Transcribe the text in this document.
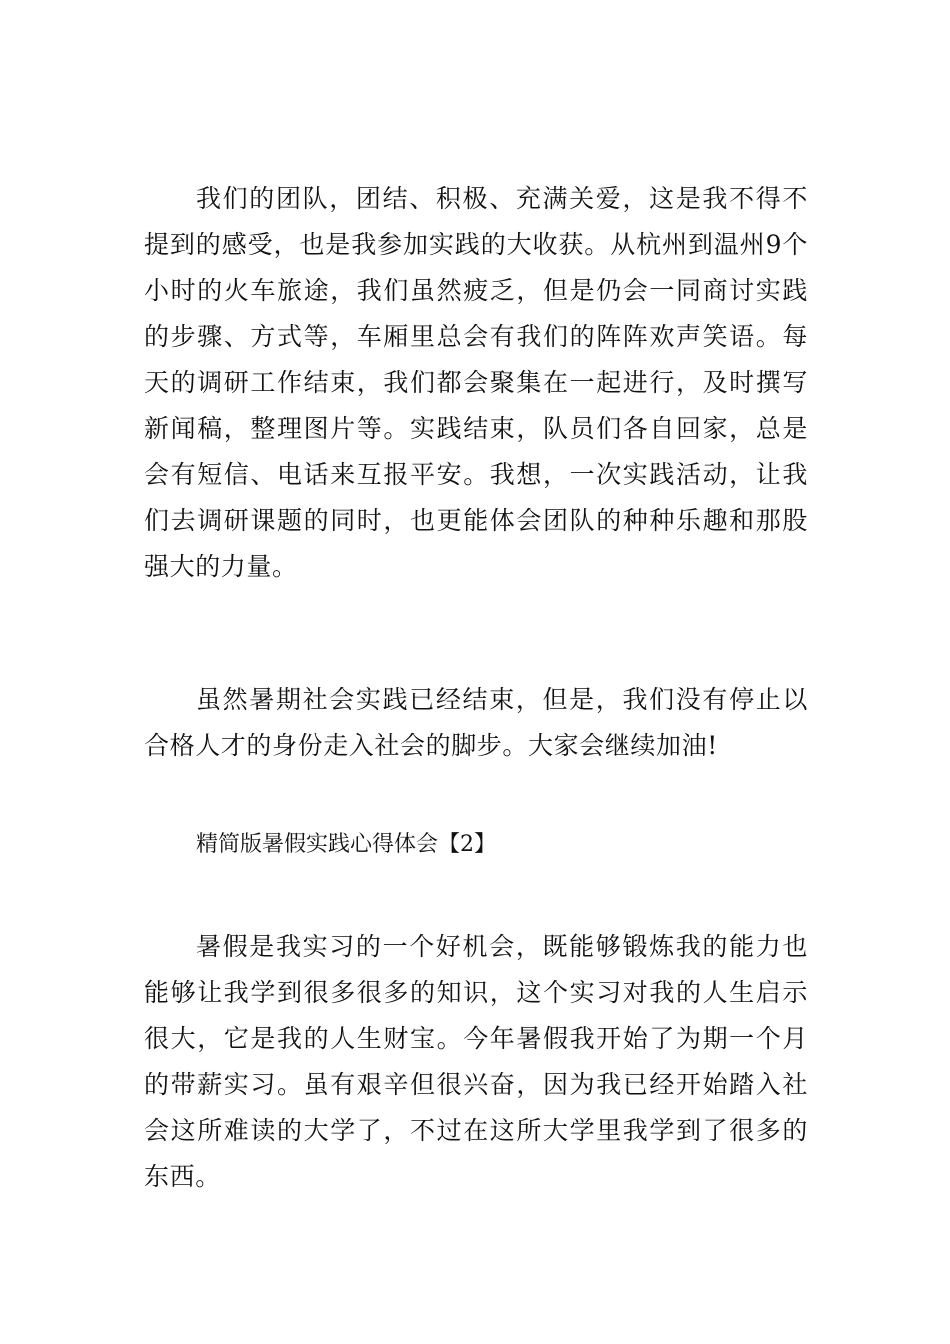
我们的团队，团结、积极、充满关爱，这是我不得不提到的感受，也是我参加实践的大收获。从杭州到温州9个小时的火车旅途，我们虽然疲乏，但是仍会一同商讨实践的步骤、方式等，车厢里总会有我们的阵阵欢声笑语。每天的调研工作结束，我们都会聚集在一起进行，及时撰写新闻稿，整理图片等。实践结束，队员们各自回家，总是会有短信、电话来互报平安。我想，一次实践活动，让我们去调研课题的同时，也更能体会团队的种种乐趣和那股强大的力量。

虽然暑期社会实践已经结束，但是，我们没有停止以合格人才的身份走入社会的脚步。大家会继续加油!

精简版暑假实践心得体会【2】

暑假是我实习的一个好机会，既能够锻炼我的能力也能够让我学到很多很多的知识，这个实习对我的人生启示很大，它是我的人生财宝。今年暑假我开始了为期一个月的带薪实习。虽有艰辛但很兴奋，因为我已经开始踏入社会这所难读的大学了，不过在这所大学里我学到了很多的东西。
